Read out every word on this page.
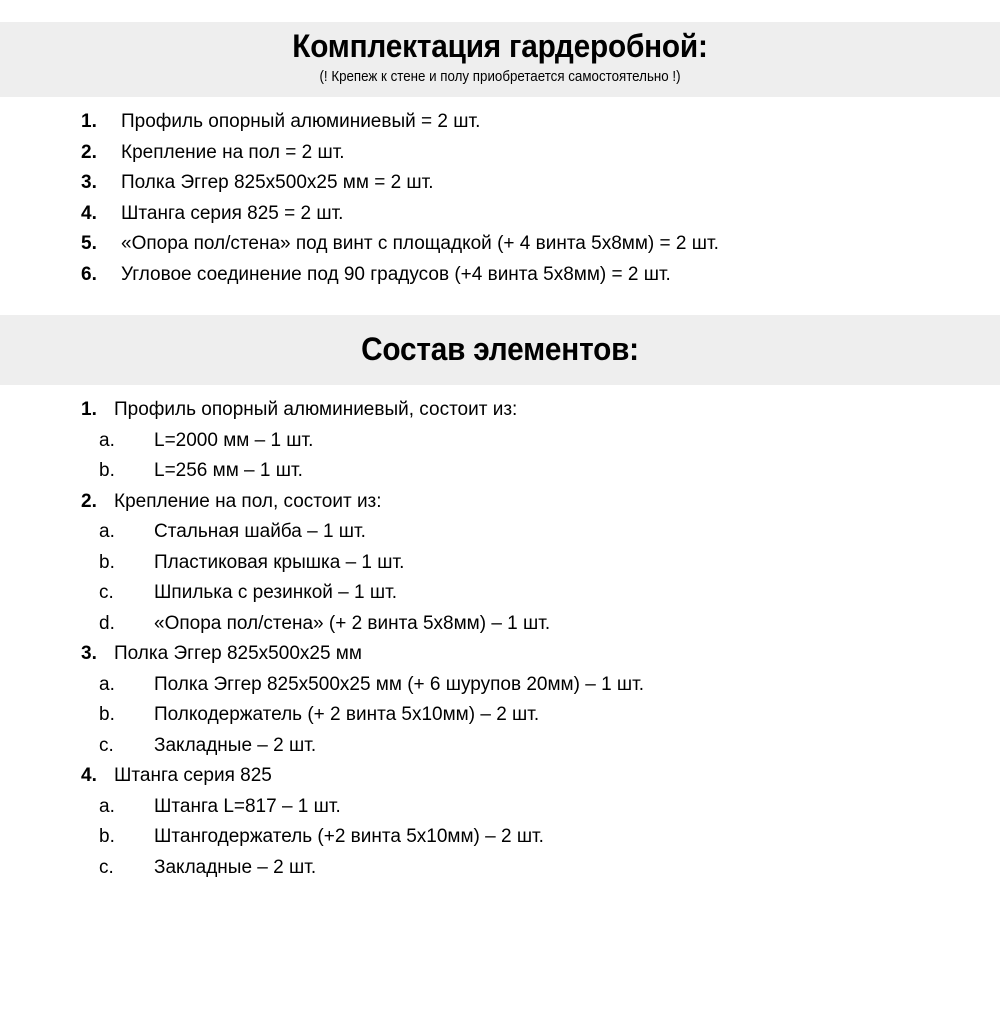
Комплектация гардеробной:
(! Крепеж к стене и полу приобретается самостоятельно !)
1.	Профиль опорный алюминиевый = 2 шт.
2.	Крепление на пол = 2 шт.
3.	Полка Эггер 825х500х25 мм = 2 шт.
4.	Штанга серия 825 = 2 шт.
5.	«Опора пол/стена» под винт с площадкой (+ 4 винта 5х8мм) = 2 шт.
6.	Угловое соединение под 90 градусов (+4 винта 5х8мм) = 2 шт.
Состав элементов:
1. Профиль опорный алюминиевый, состоит из:
a.	L=2000 мм – 1 шт.
b.	L=256 мм – 1 шт.
2. Крепление на пол, состоит из:
a.	Стальная шайба – 1 шт.
b.	Пластиковая крышка – 1 шт.
c.	Шпилька с резинкой – 1 шт.
d.	«Опора пол/стена» (+ 2 винта 5х8мм) – 1 шт.
3. Полка Эггер 825х500х25 мм
a.	Полка Эггер 825х500х25 мм (+ 6 шурупов 20мм) – 1 шт.
b.	Полкодержатель (+ 2 винта 5х10мм) – 2 шт.
c.	Закладные – 2 шт.
4. Штанга серия 825
a.	Штанга L=817 – 1 шт.
b.	Штангодержатель (+2 винта 5х10мм) – 2 шт.
c.	Закладные – 2 шт.
